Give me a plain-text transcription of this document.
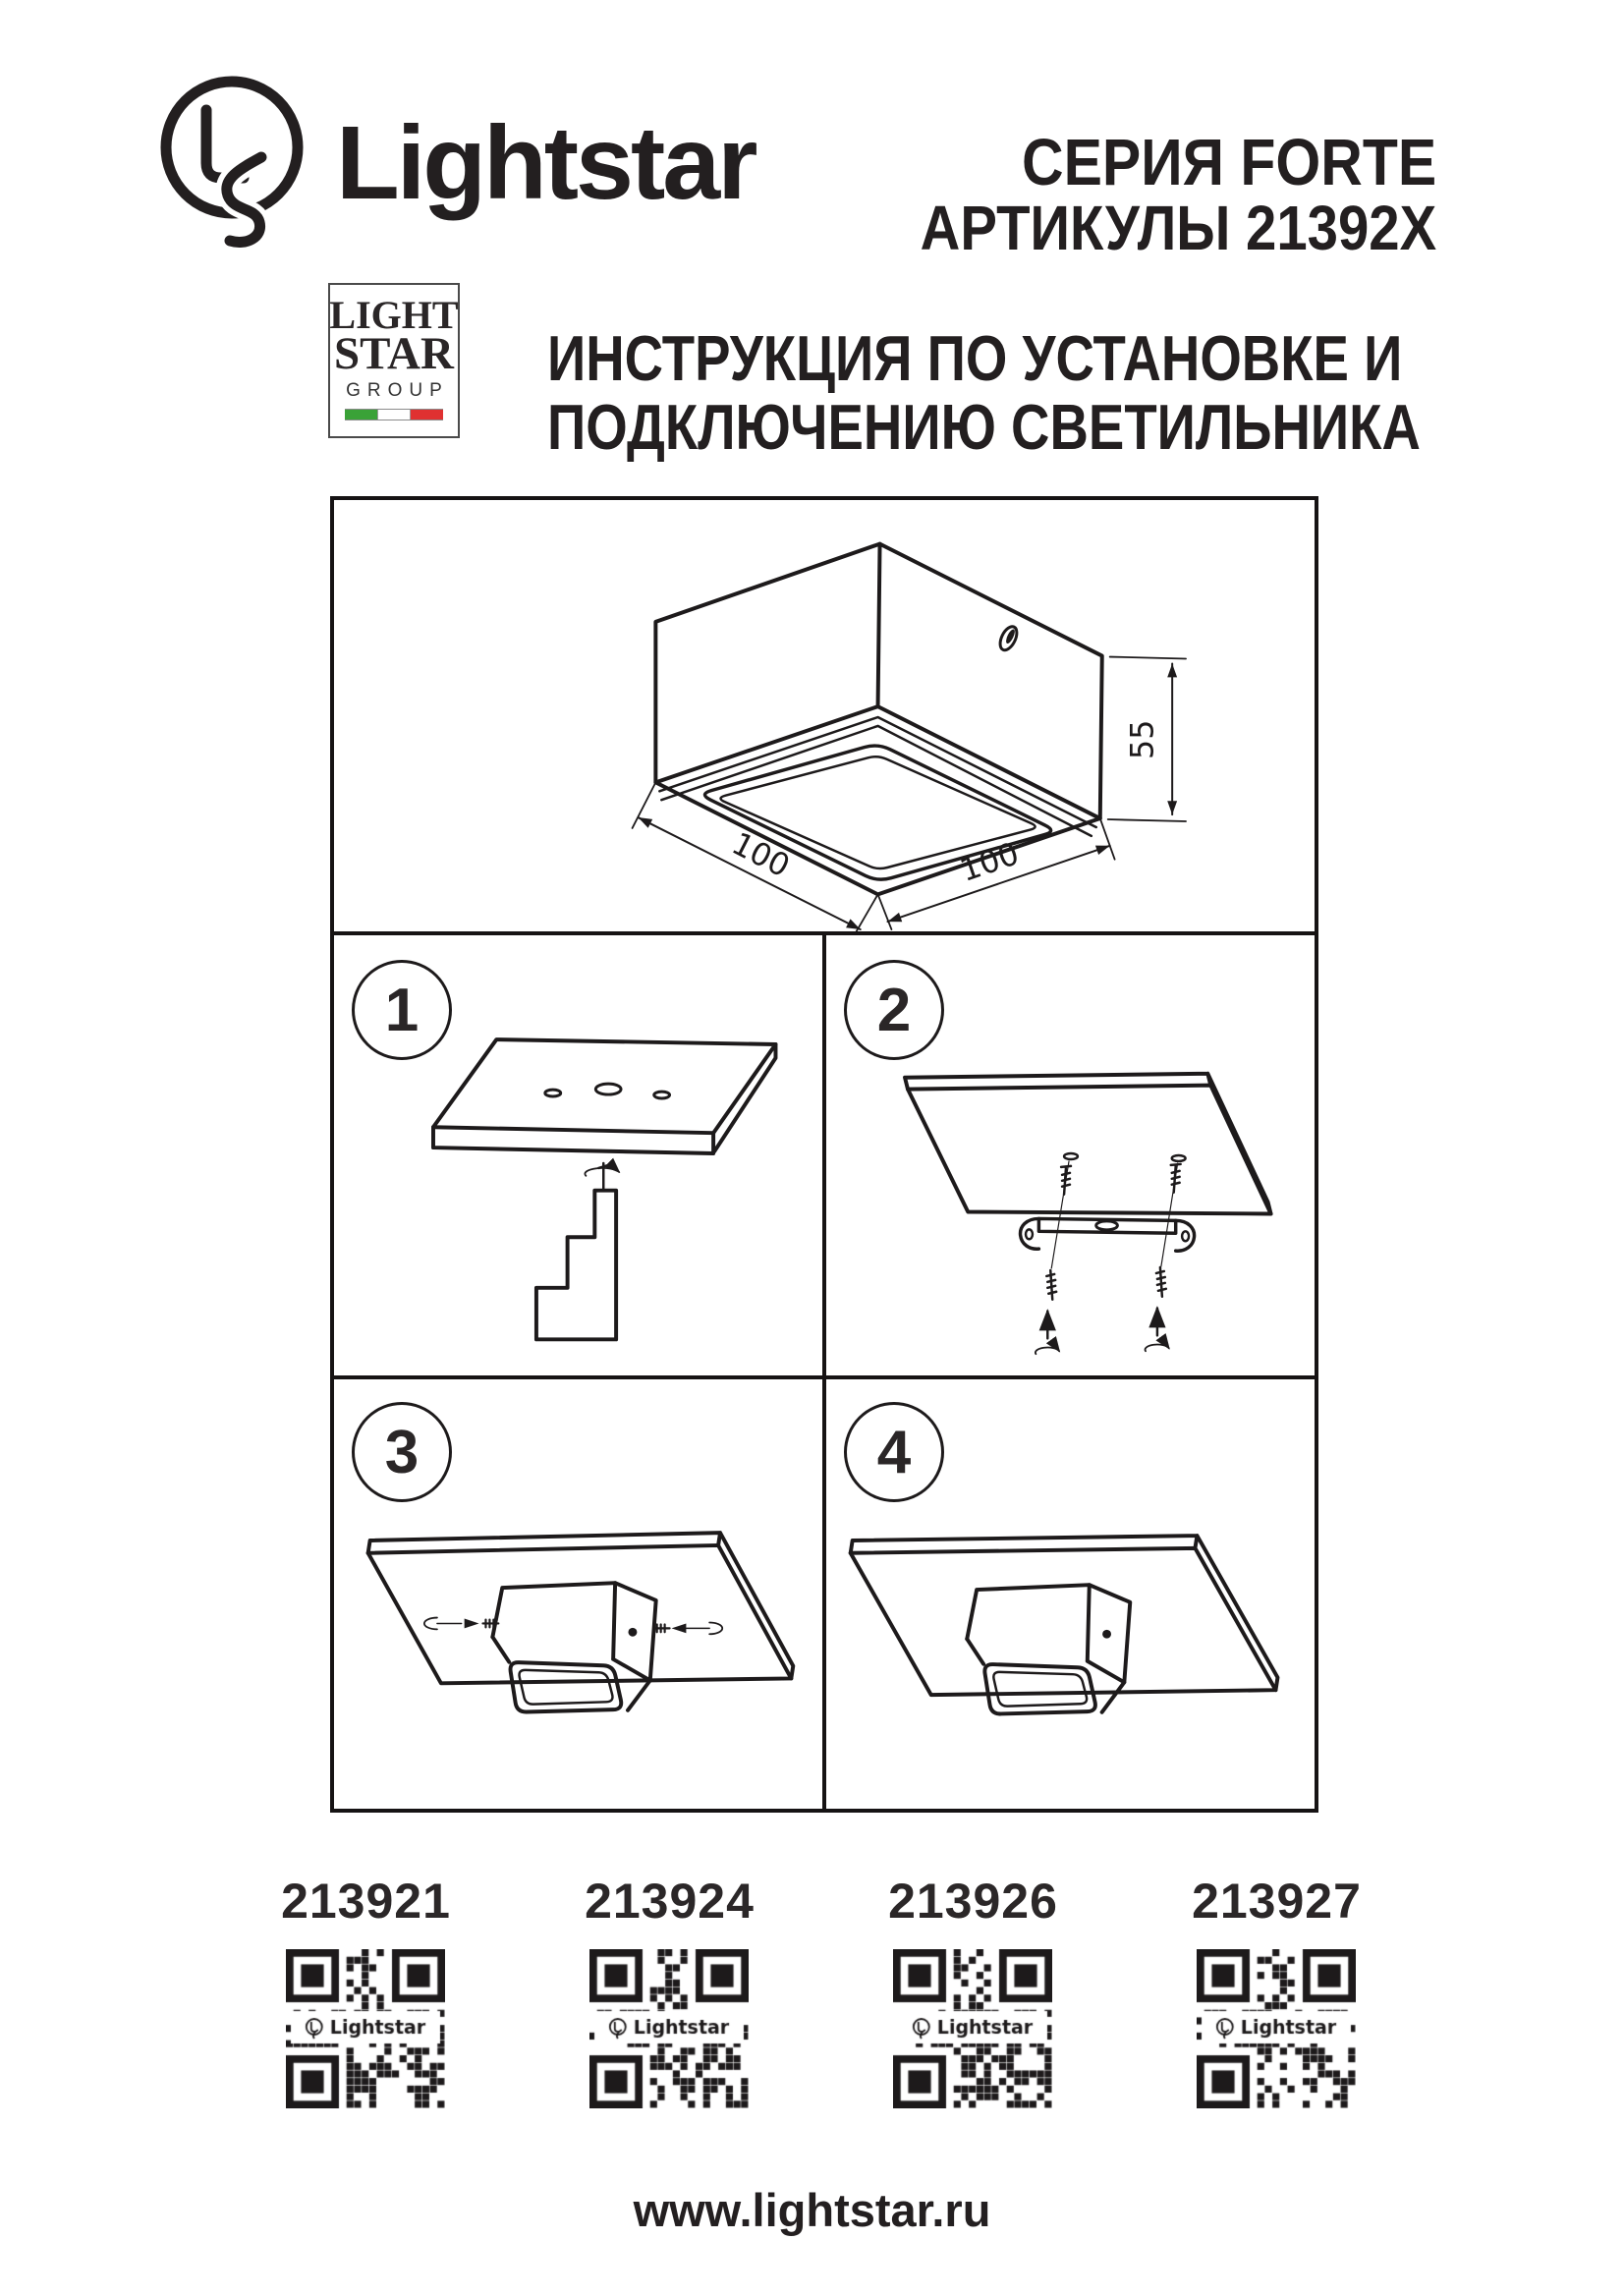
Lightstar	СЕРИЯ FORTE
АРТИКУЛЫ 21392X
LIGHT
STAR
GROUP ИНСТРУКЦИЯ ПО УСТАНОВКЕ И
ПОДКЛЮЧЕНИЮ СВЕТИЛЬНИКА
100	100
55
1	2
3	4
213921	213924	213926	213927
www.lightstar.ru
